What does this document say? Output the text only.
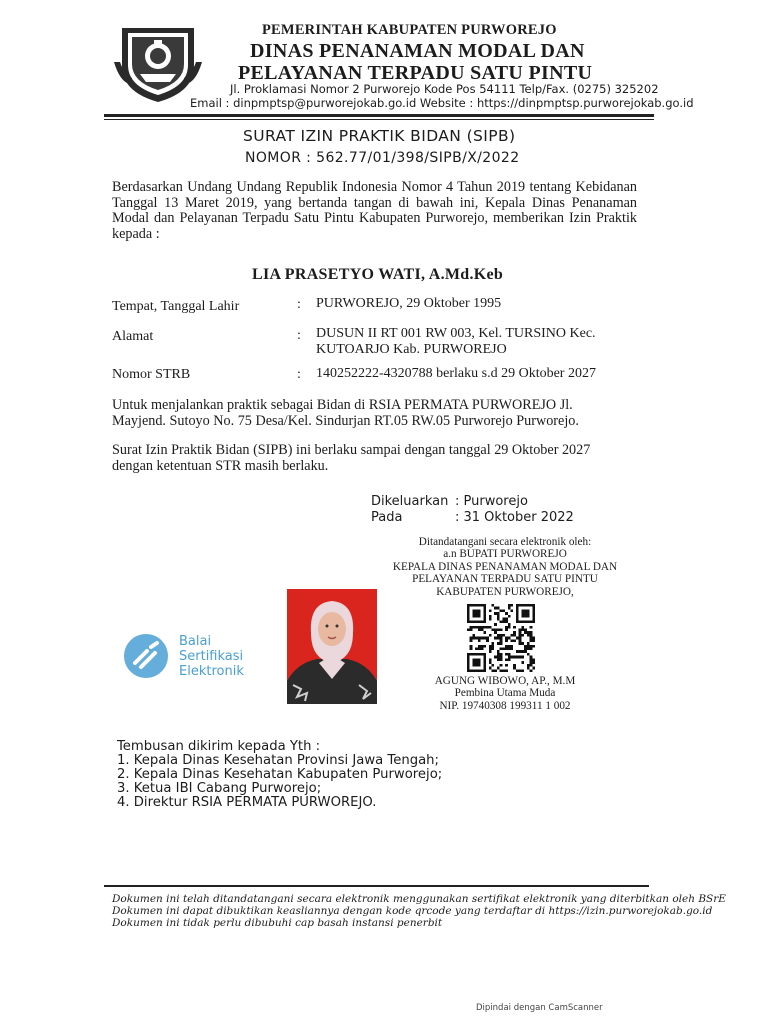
PEMERINTAH KABUPATEN PURWOREJO
DINAS PENANAMAN MODAL DAN
PELAYANAN TERPADU SATU PINTU
Jl. Proklamasi Nomor 2 Purworejo Kode Pos 54111 Telp/Fax. (0275) 325202
Email : dinpmptsp@purworejokab.go.id Website : https://dinpmptsp.purworejokab.go.id
SURAT IZIN PRAKTIK BIDAN (SIPB)
NOMOR : 562.77/01/398/SIPB/X/2022
Berdasarkan Undang Undang Republik Indonesia Nomor 4 Tahun 2019 tentang Kebidanan Tanggal 13 Maret 2019, yang bertanda tangan di bawah ini, Kepala Dinas Penanaman Modal dan Pelayanan Terpadu Satu Pintu Kabupaten Purworejo, memberikan Izin Praktik kepada :
LIA PRASETYO WATI, A.Md.Keb
Tempat, Tanggal Lahir	: PURWOREJO, 29 Oktober 1995
Alamat	: DUSUN II RT 001 RW 003, Kel. TURSINO Kec.
KUTOARJO Kab. PURWOREJO
Nomor STRB	: 140252222-4320788 berlaku s.d 29 Oktober 2027
Untuk menjalankan praktik sebagai Bidan di RSIA PERMATA PURWOREJO Jl.
Mayjend. Sutoyo No. 75 Desa/Kel. Sindurjan RT.05 RW.05 Purworejo Purworejo.
Surat Izin Praktik Bidan (SIPB) ini berlaku sampai dengan tanggal 29 Oktober 2027
dengan ketentuan STR masih berlaku.
Dikeluarkan : Purworejo
Pada	: 31 Oktober 2022
Ditandatangani secara elektronik oleh:
a.n BUPATI PURWOREJO
KEPALA DINAS PENANAMAN MODAL DAN
PELAYANAN TERPADU SATU PINTU
KABUPATEN PURWOREJO,
AGUNG WIBOWO, AP., M.M
Pembina Utama Muda
NIP. 19740308 199311 1 002
Balai
Sertifikasi
Elektronik
Tembusan dikirim kepada Yth :
1. Kepala Dinas Kesehatan Provinsi Jawa Tengah;
2. Kepala Dinas Kesehatan Kabupaten Purworejo;
3. Ketua IBI Cabang Purworejo;
4. Direktur RSIA PERMATA PURWOREJO.
Dokumen ini telah ditandatangani secara elektronik menggunakan sertifikat elektronik yang diterbitkan oleh BSrE
Dokumen ini dapat dibuktikan keasliannya dengan kode qrcode yang terdaftar di https://izin.purworejokab.go.id
Dokumen ini tidak perlu dibubuhi cap basah instansi penerbit
Dipindai dengan CamScanner
